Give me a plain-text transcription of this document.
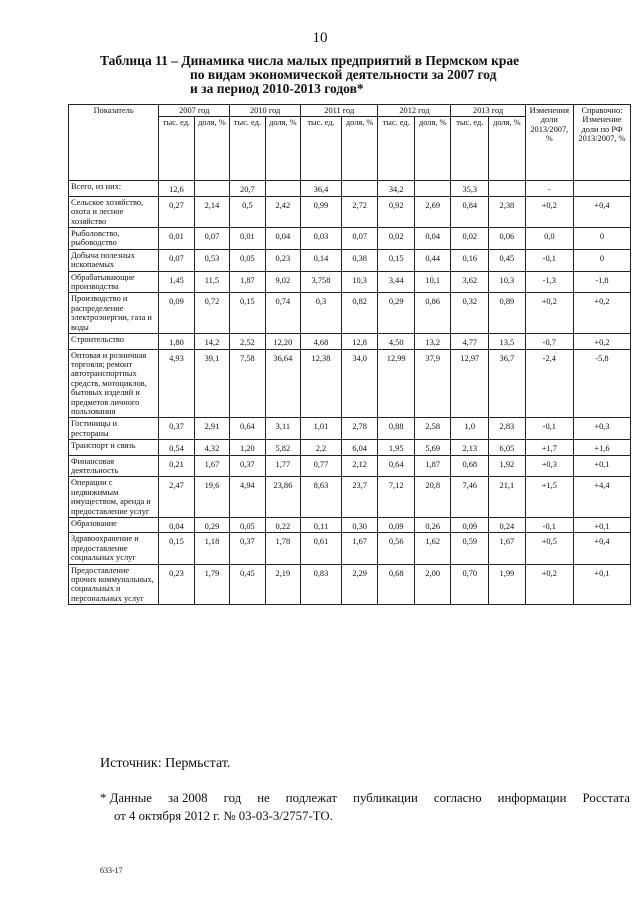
10
Таблица 11 – Динамика числа малых предприятий в Пермском крае
по видам экономической деятельности за 2007 год
и за период 2010-2013 годов*
Показатель	2007 год		2010 год		2011 год		2012 год		2013 год		Изменения доли 2013/2007, %	Справочно: Изменение доли по РФ 2013/2007, %
	тыс. ед.	доля, %	тыс. ед.	доля, %	тыс. ед.	доля, %	тыс. ед.	доля, %	тыс. ед.	доля, %		
Всего, из них:	12,6		20,7		36,4		34,2		35,3		-	
Сельское хозяйство, охота и лесное хозяйство	0,27	2,14	0,5	2,42	0,99	2,72	0,92	2,69	0,84	2,38	+0,2	+0,4
Рыболовство, рыбоводство	0,01	0,07	0,01	0,04	0,03	0,07	0,02	0,04	0,02	0,06	0,0	0
Добыча полезных ископаемых	0,07	0,53	0,05	0,23	0,14	0,38	0,15	0,44	0,16	0,45	-0,1	0
Обрабатывающие производства	1,45	11,5	1,87	9,02	3,758	10,3	3,44	10,1	3,62	10,3	-1,3	-1,8
Производство и распределение электроэнергии, газа и воды	0,09	0,72	0,15	0,74	0,3	0,82	0,29	0,86	0,32	0,89	+0,2	+0,2
Строительство	1,80	14,2	2,52	12,20	4,68	12,8	4,50	13,2	4,77	13,5	-0,7	+0,2
Оптовая и розничная торговля; ремонт автотранспортных средств, мотоциклов, бытовых изделий и предметов личного пользования	4,93	39,1	7,58	36,64	12,38	34,0	12,99	37,9	12,97	36,7	-2,4	-5,8
Гостиницы и рестораны	0,37	2,91	0,64	3,11	1,01	2,78	0,88	2,58	1,0	2,83	-0,1	+0,3
Транспорт и связь	0,54	4,32	1,20	5,82	2,2	6,04	1,95	5,69	2,13	6,05	+1,7	+1,6
Финансовая деятельность	0,21	1,67	0,37	1,77	0,77	2,12	0,64	1,87	0,68	1,92	+0,3	+0,1
Операции с недвижимым имуществом, аренда и предоставление услуг	2,47	19,6	4,94	23,86	8,63	23,7	7,12	20,8	7,46	21,1	+1,5	+4,4
Образование	0,04	0,29	0,05	0,22	0,11	0,30	0,09	0,26	0,09	0,24	-0,1	+0,1
Здравоохранение и предоставление социальных услуг	0,15	1,18	0,37	1,78	0,61	1,67	0,56	1,62	0,59	1,67	+0,5	+0,4
Предоставление прочих коммунальных, социальных и персональных услуг	0,23	1,79	0,45	2,19	0,83	2,29	0,68	2,00	0,70	1,99	+0,2	+0,1
Источник: Пермьстат.
* Данные за 2008 год не подлежат публикации согласно информации Росстата
от 4 октября 2012 г. № 03-03-3/2757-ТО.
633-17
